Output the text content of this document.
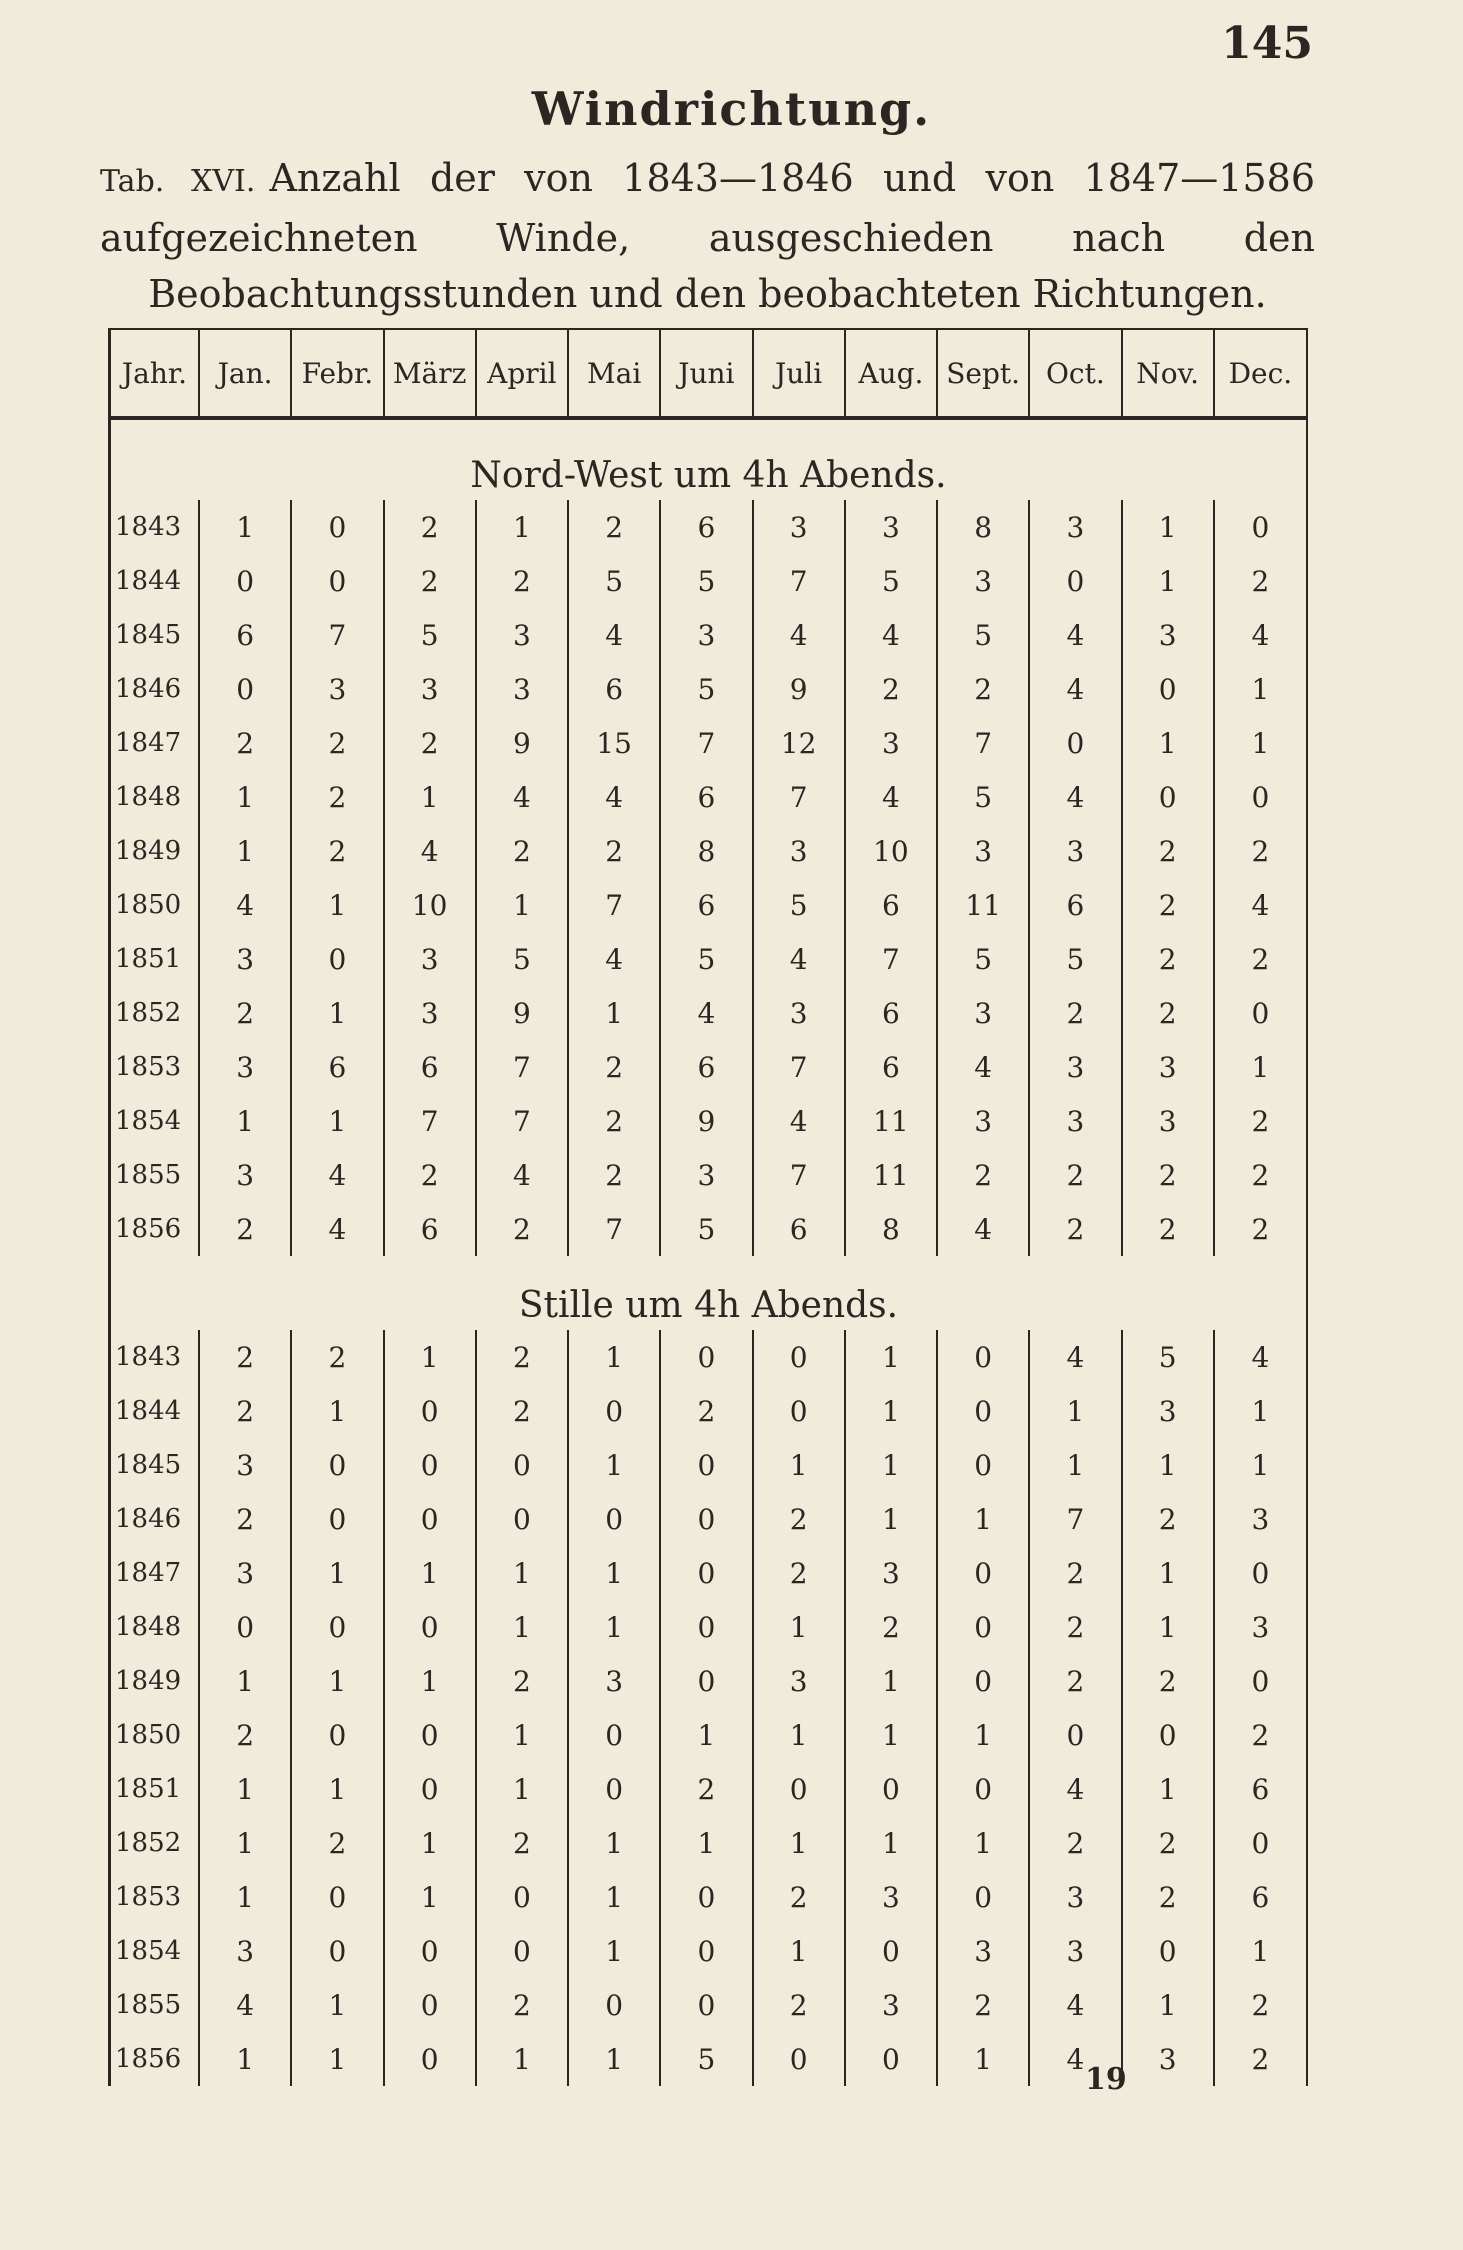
145
Windrichtung.
Tab. XVI. Anzahl der von 1843—1846 und von 1847—1586 aufgezeichneten Winde, ausgeschieden nach den Beobachtungsstunden und den beobachteten Richtungen.
Jahr.	Jan.	Febr.	März	April	Mai	Juni	Juli	Aug.	Sept.	Oct.	Nov.	Dec.
Nord-West um 4h Abends.												
1843	1	0	2	1	2	6	3	3	8	3	1	0
1844	0	0	2	2	5	5	7	5	3	0	1	2
1845	6	7	5	3	4	3	4	4	5	4	3	4
1846	0	3	3	3	6	5	9	2	2	4	0	1
1847	2	2	2	9	15	7	12	3	7	0	1	1
1848	1	2	1	4	4	6	7	4	5	4	0	0
1849	1	2	4	2	2	8	3	10	3	3	2	2
1850	4	1	10	1	7	6	5	6	11	6	2	4
1851	3	0	3	5	4	5	4	7	5	5	2	2
1852	2	1	3	9	1	4	3	6	3	2	2	0
1853	3	6	6	7	2	6	7	6	4	3	3	1
1854	1	1	7	7	2	9	4	11	3	3	3	2
1855	3	4	2	4	2	3	7	11	2	2	2	2
1856	2	4	6	2	7	5	6	8	4	2	2	2
Stille um 4h Abends.												
1843	2	2	1	2	1	0	0	1	0	4	5	4
1844	2	1	0	2	0	2	0	1	0	1	3	1
1845	3	0	0	0	1	0	1	1	0	1	1	1
1846	2	0	0	0	0	0	2	1	1	7	2	3
1847	3	1	1	1	1	0	2	3	0	2	1	0
1848	0	0	0	1	1	0	1	2	0	2	1	3
1849	1	1	1	2	3	0	3	1	0	2	2	0
1850	2	0	0	1	0	1	1	1	1	0	0	2
1851	1	1	0	1	0	2	0	0	0	4	1	6
1852	1	2	1	2	1	1	1	1	1	2	2	0
1853	1	0	1	0	1	0	2	3	0	3	2	6
1854	3	0	0	0	1	0	1	0	3	3	0	1
1855	4	1	0	2	0	0	2	3	2	4	1	2
1856	1	1	0	1	1	5	0	0	1	4	3	2
19
